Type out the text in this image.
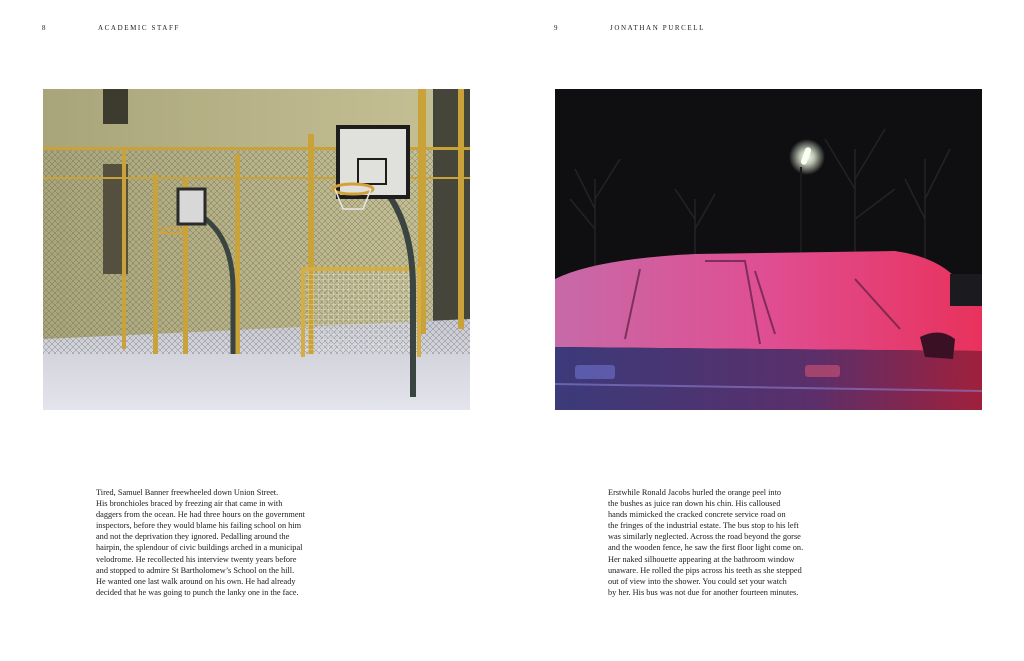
8	ACADEMIC STAFF

Tired, Samuel Banner freewheeled down Union Street.

His bronchioles braced by freezing air that came in with

daggers from the ocean. He had three hours on the government

inspectors, before they would blame his failing school on him

and not the deprivation they ignored. Pedalling around the

hairpin, the splendour of civic buildings arched in a municipal

velodrome. He recollected his interview twenty years before

and stopped to admire St Bartholomew’s School on the hill.

He wanted one last walk around on his own. He had already

decided that he was going to punch the lanky one in the face.

9	JONATHAN PURCELL

Erstwhile Ronald Jacobs hurled the orange peel into

the bushes as juice ran down his chin. His calloused

hands mimicked the cracked concrete service road on

the fringes of the industrial estate. The bus stop to his left

was similarly neglected. Across the road beyond the gorse

and the wooden fence, he saw the first floor light come on.

Her naked silhouette appearing at the bathroom window

unaware. He rolled the pips across his teeth as she stepped

out of view into the shower. You could set your watch

by her. His bus was not due for another fourteen minutes.
